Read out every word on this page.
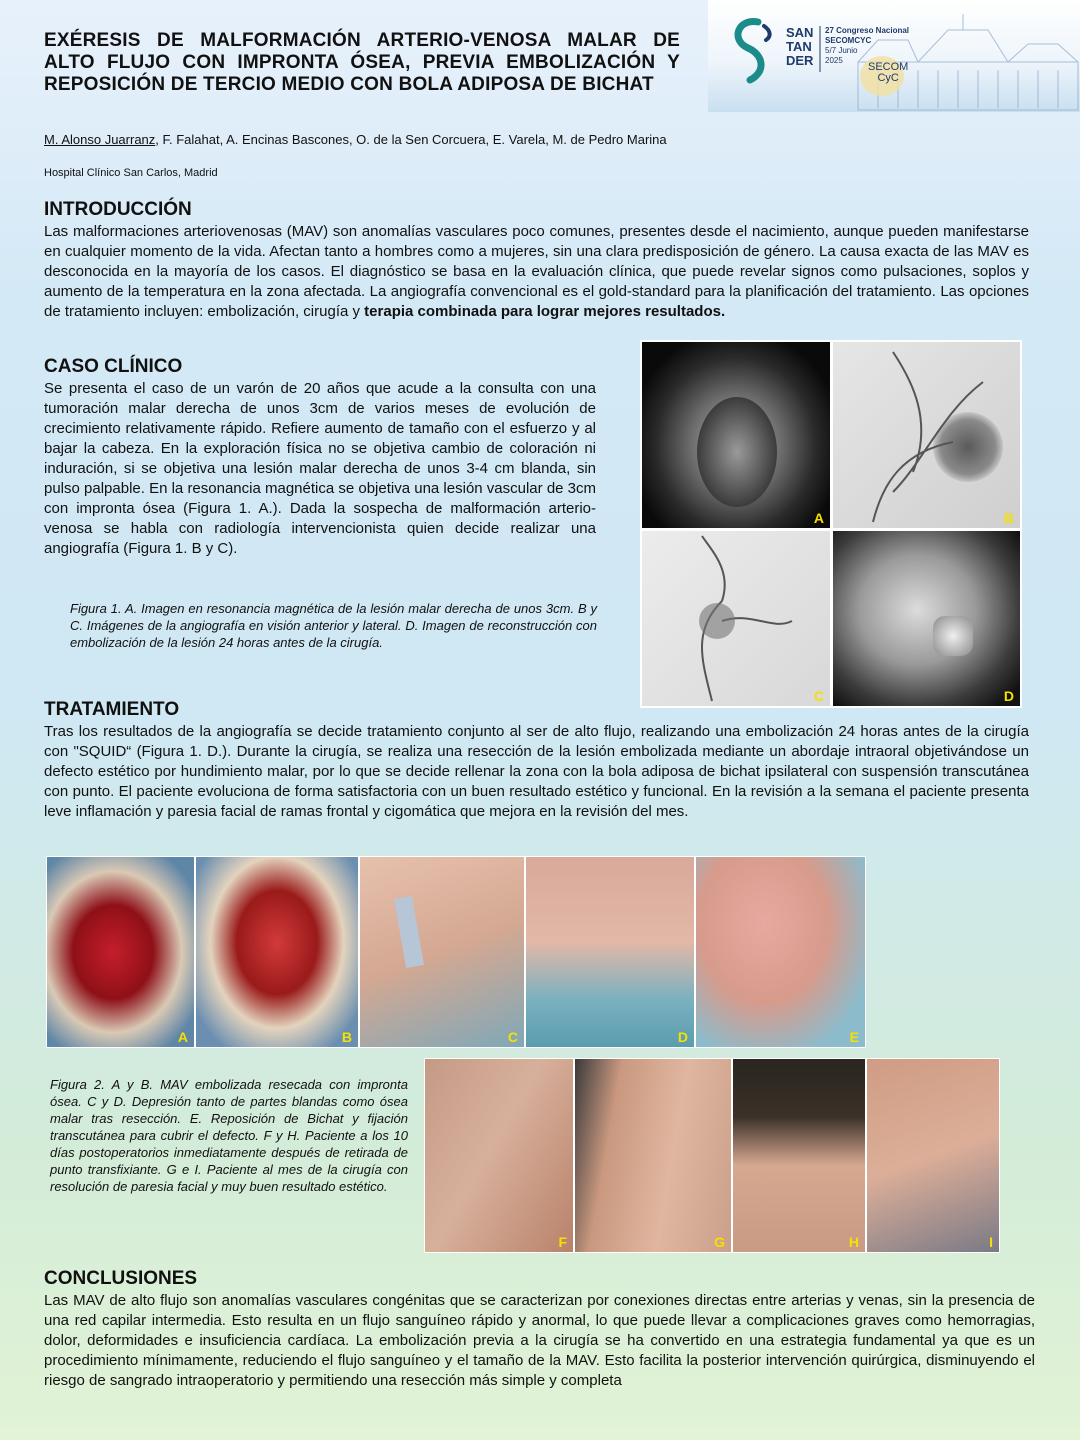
EXÉRESIS DE MALFORMACIÓN ARTERIO-VENOSA MALAR DE ALTO FLUJO CON IMPRONTA ÓSEA, PREVIA EMBOLIZACIÓN Y REPOSICIÓN DE TERCIO MEDIO CON BOLA ADIPOSA DE BICHAT
M. Alonso Juarranz, F. Falahat, A. Encinas Bascones, O. de la Sen Corcuera, E. Varela, M. de Pedro Marina
Hospital Clínico San Carlos, Madrid
SAN
TAN
DER
27 Congreso Nacional
SECOMCYC
5/7 Junio
2025
SECOM
CyC
INTRODUCCIÓN
Las malformaciones arteriovenosas (MAV) son anomalías vasculares poco comunes, presentes desde el nacimiento, aunque pueden manifestarse en cualquier momento de la vida. Afectan tanto a hombres como a mujeres, sin una clara predisposición de género. La causa exacta de las MAV es desconocida en la mayoría de los casos. El diagnóstico se basa en la evaluación clínica, que puede revelar signos como pulsaciones, soplos y aumento de la temperatura en la zona afectada. La angiografía convencional es el gold-standard para la planificación del tratamiento. Las opciones de tratamiento incluyen: embolización, cirugía y terapia combinada para lograr mejores resultados.
CASO CLÍNICO
Se presenta el caso de un varón de 20 años que acude a la consulta con una tumoración malar derecha de unos 3cm de varios meses de evolución de crecimiento relativamente rápido. Refiere aumento de tamaño con el esfuerzo y al bajar la cabeza. En la exploración física no se objetiva cambio de coloración ni induración, si se objetiva una lesión malar derecha de unos 3-4 cm blanda, sin pulso palpable. En la resonancia magnética se objetiva una lesión vascular de 3cm con impronta ósea (Figura 1. A.). Dada la sospecha de malformación arterio-venosa se habla con radiología intervencionista quien decide realizar una angiografía (Figura 1. B y C).
Figura 1. A. Imagen en resonancia magnética de la lesión malar derecha de unos 3cm. B y C. Imágenes de la angiografía en visión anterior y lateral. D. Imagen de reconstrucción con embolización de la lesión 24 horas antes de la cirugía.
A	B
C	D
TRATAMIENTO
Tras los resultados de la angiografía se decide tratamiento conjunto al ser de alto flujo, realizando una embolización 24 horas antes de la cirugía con "SQUID“ (Figura 1. D.). Durante la cirugía, se realiza una resección de la lesión embolizada mediante un abordaje intraoral objetivándose un defecto estético por hundimiento malar, por lo que se decide rellenar la zona con la bola adiposa de bichat ipsilateral con suspensión transcutánea con punto. El paciente evoluciona de forma satisfactoria con un buen resultado estético y funcional. En la revisión a la semana el paciente presenta leve inflamación y paresia facial de ramas frontal y cigomática que mejora en la revisión del mes.
A	B	C	D	E
Figura 2. A y B. MAV embolizada resecada con impronta ósea. C y D. Depresión tanto de partes blandas como ósea malar tras resección. E. Reposición de Bichat y fijación transcutánea para cubrir el defecto. F y H. Paciente a los 10 días postoperatorios inmediatamente después de retirada de punto transfixiante. G e I. Paciente al mes de la cirugía con resolución de paresia facial y muy buen resultado estético.
F	G	H	I
CONCLUSIONES
Las MAV de alto flujo son anomalías vasculares congénitas que se caracterizan por conexiones directas entre arterias y venas, sin la presencia de una red capilar intermedia. Esto resulta en un flujo sanguíneo rápido y anormal, lo que puede llevar a complicaciones graves como hemorragias, dolor, deformidades e insuficiencia cardíaca. La embolización previa a la cirugía se ha convertido en una estrategia fundamental ya que es un procedimiento mínimamente, reduciendo el flujo sanguíneo y el tamaño de la MAV. Esto facilita la posterior intervención quirúrgica, disminuyendo el riesgo de sangrado intraoperatorio y permitiendo una resección más simple y completa
